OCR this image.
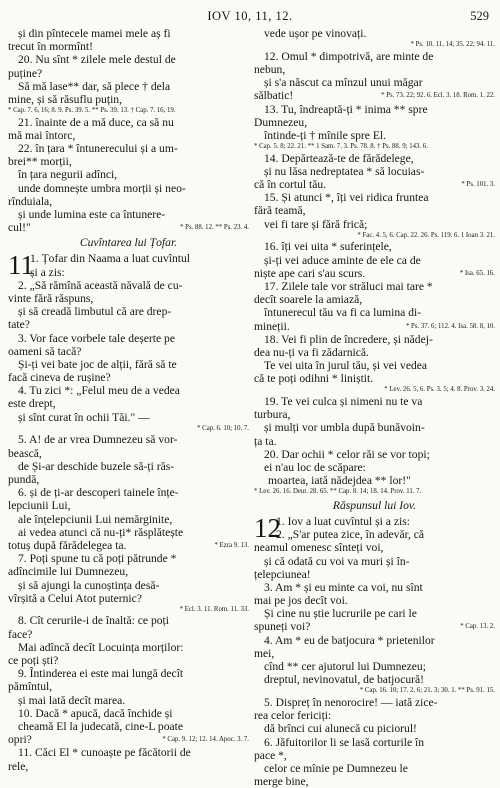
IOV 10, 11, 12.	529
și din pîntecele mamei mele aș fi
trecut în mormînt!
20. Nu sînt * zilele mele destul de
puține?
Să mă lase** dar, să plece † dela
mine, și să răsuflu puțin,
* Cap. 7. 6, 16; 8. 9. Ps. 39. 5. ** Ps. 39. 13. † Cap. 7. 16, 19.
21. înainte de a mă duce, ca să nu
mă mai întorc,
22. în țara * întunerecului și a um-
brei** morții,
în țara negurii adînci,
unde domnește umbra morții și neo-
rînduiala,
și unde lumina este ca întunere-
cul!"	* Ps. 88. 12. ** Ps. 23. 4.
Cuvîntarea lui Țofar.
11
1. Țofar din Naama a luat cuvîntul
și a zis:
2. „Să rămînă această năvală de cu-
vinte fără răspuns,
și să creadă limbutul că are drep-
tate?
3. Vor face vorbele tale deșerte pe
oameni să tacă?
Și-ți vei bate joc de alții, fără să te
facă cineva de rușine?
4. Tu zici *: „Felul meu de a vedea
este drept,
și sînt curat în ochii Tăi." —
* Cap. 6. 10; 10. 7.
5. A! de ar vrea Dumnezeu să vor-
bească,
de Și-ar deschide buzele să-ți răs-
pundă,
6. și de ți-ar descoperi tainele înțe-
lepciunii Lui,
ale înțelepciunii Lui nemărginite,
ai vedea atunci că nu-ți* răsplătește
totuș după fărădelegea ta.	* Ezra 9. 13.
7. Poți spune tu că poți pătrunde *
adîncimile lui Dumnezeu,
și să ajungi la cunoștința desă-
vîrșită a Celui Atot puternic?
* Ecl. 3. 11. Rom. 11. 33.
8. Cît cerurile-i de înaltă: ce poți
face?
Mai adîncă decît Locuința morților:
ce poți ști?
9. Întinderea ei este mai lungă decît
pămîntul,
și mai lată decît marea.
10. Dacă * apucă, dacă închide și
cheamă El la judecată, cine-L poate
opri?	* Cap. 9. 12; 12. 14. Apoc. 3. 7.
11. Căci El * cunoaște pe făcătorii de
rele,
vede ușor pe vinovați.
* Ps. 10. 11, 14; 35. 22; 94. 11.
12. Omul * dimpotrivă, are minte de
nebun,
și s'a născut ca mînzul unui măgar
sălbatic!	* Ps. 73. 22; 92. 6. Ecl. 3. 18. Rom. 1. 22.
13. Tu, îndreaptă-ți * inima ** spre
Dumnezeu,
întinde-ți † mînile spre El.
* Cap. 5. 8; 22. 21. ** 1 Sam. 7. 3. Ps. 78. 8. † Ps. 88. 9; 143. 6.
14. Depărtează-te de fărădelege,
și nu lăsa nedreptatea * să locuias-
că în cortul tău.	* Ps. 101. 3.
15. Și atunci *, îți vei ridica fruntea
fără teamă,
vei fi tare și fără frică;
* Fac. 4. 5, 6. Cap. 22. 26. Ps. 119. 6. 1 Ioan 3. 21.
16. îți vei uita * suferințele,
și-ți vei aduce aminte de ele ca de
niște ape cari s'au scurs.	* Isa. 65. 16.
17. Zilele tale vor străluci mai tare *
decît soarele la amiază,
întunerecul tău va fi ca lumina di-
mineții.	* Ps. 37. 6; 112. 4. Isa. 58. 8, 10.
18. Vei fi plin de încredere, și nădej-
dea nu-ți va fi zădarnică.
Te vei uita în jurul tău, și vei vedea
că te poți odihni * liniștit.
* Lev. 26. 5, 6. Ps. 3. 5; 4. 8. Prov. 3. 24.
19. Te vei culca și nimeni nu te va
turbura,
și mulți vor umbla după bunăvoin-
ța ta.
20. Dar ochii * celor răi se vor topi;
ei n'au loc de scăpare:
moartea, iată nădejdea ** lor!"
* Lev. 26. 16. Deut. 28. 65. ** Cap. 8. 14; 18. 14. Prov. 11. 7.
Răspunsul lui Iov.
12
1. Iov a luat cuvîntul și a zis:
2. „S'ar putea zice, în adevăr, că
neamul omenesc sînteți voi,
și că odată cu voi va muri și în-
țelepciunea!
3. Am * și eu minte ca voi, nu sînt
mai pe jos decît voi.
Și cine nu știe lucrurile pe cari le
spuneți voi?	* Cap. 13. 2.
4. Am * eu de batjocura * prietenilor
mei,
cînd ** cer ajutorul lui Dumnezeu;
dreptul, nevinovatul, de batjocură!
* Cap. 16. 10; 17. 2, 6; 21. 3; 30. 1. ** Ps. 91. 15.
5. Dispreț în nenorocire! — iată zice-
rea celor fericiți:
dă brînci cui alunecă cu piciorul!
6. Jăfuitorilor li se lasă corturile în
pace *,
celor ce mînie pe Dumnezeu le
merge bine,
